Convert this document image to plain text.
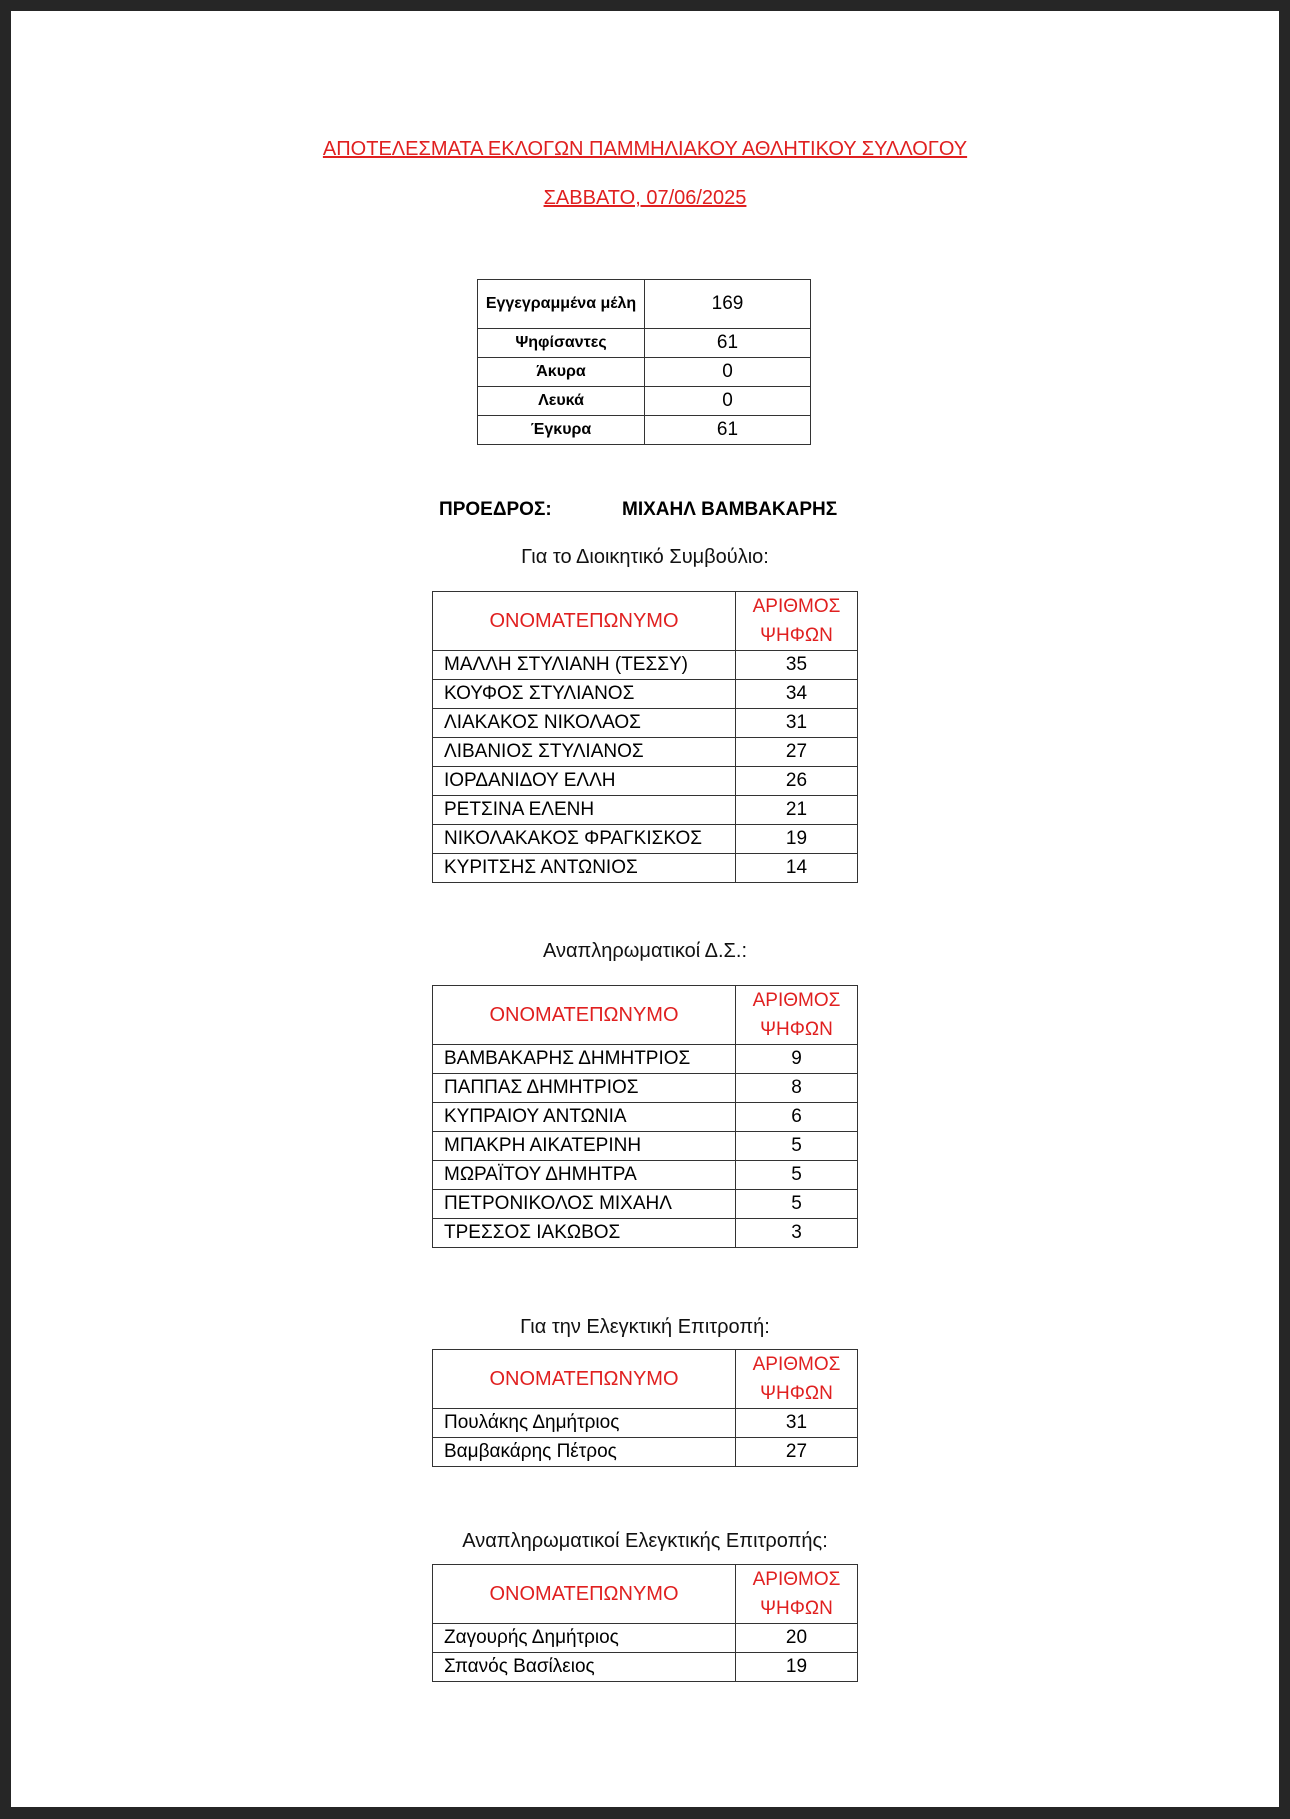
ΑΠΟΤΕΛΕΣΜΑΤΑ ΕΚΛΟΓΩΝ ΠΑΜΜΗΛΙΑΚΟΥ ΑΘΛΗΤΙΚΟΥ ΣΥΛΛΟΓΟΥ
ΣΑΒΒΑΤΟ, 07/06/2025
Εγγεγραμμένα μέλη	169
Ψηφίσαντες	61
Άκυρα	0
Λευκά	0
Έγκυρα	61
ΠΡΟΕΔΡΟΣ:	ΜΙΧΑΗΛ ΒΑΜΒΑΚΑΡΗΣ
Για το Διοικητικό Συμβούλιο:
ΟΝΟΜΑΤΕΠΩΝΥΜΟ	ΑΡΙΘΜΟΣ
ΨΗΦΩΝ
ΜΑΛΛΗ ΣΤΥΛΙΑΝΗ (ΤΕΣΣΥ)	35
ΚΟΥΦΟΣ ΣΤΥΛΙΑΝΟΣ	34
ΛΙΑΚΑΚΟΣ ΝΙΚΟΛΑΟΣ	31
ΛΙΒΑΝΙΟΣ ΣΤΥΛΙΑΝΟΣ	27
ΙΟΡΔΑΝΙΔΟΥ ΕΛΛΗ	26
ΡΕΤΣΙΝΑ ΕΛΕΝΗ	21
ΝΙΚΟΛΑΚΑΚΟΣ ΦΡΑΓΚΙΣΚΟΣ	19
ΚΥΡΙΤΣΗΣ ΑΝΤΩΝΙΟΣ	14
Αναπληρωματικοί Δ.Σ.:
ΟΝΟΜΑΤΕΠΩΝΥΜΟ	ΑΡΙΘΜΟΣ
ΨΗΦΩΝ
ΒΑΜΒΑΚΑΡΗΣ ΔΗΜΗΤΡΙΟΣ	9
ΠΑΠΠΑΣ ΔΗΜΗΤΡΙΟΣ	8
ΚΥΠΡΑΙΟΥ ΑΝΤΩΝΙΑ	6
ΜΠΑΚΡΗ ΑΙΚΑΤΕΡΙΝΗ	5
ΜΩΡΑΪΤΟΥ ΔΗΜΗΤΡΑ	5
ΠΕΤΡΟΝΙΚΟΛΟΣ ΜΙΧΑΗΛ	5
ΤΡΕΣΣΟΣ ΙΑΚΩΒΟΣ	3
Για την Ελεγκτική Επιτροπή:
ΟΝΟΜΑΤΕΠΩΝΥΜΟ	ΑΡΙΘΜΟΣ
ΨΗΦΩΝ
Πουλάκης Δημήτριος	31
Βαμβακάρης Πέτρος	27
Αναπληρωματικοί Ελεγκτικής Επιτροπής:
ΟΝΟΜΑΤΕΠΩΝΥΜΟ	ΑΡΙΘΜΟΣ
ΨΗΦΩΝ
Ζαγουρής Δημήτριος	20
Σπανός Βασίλειος	19
